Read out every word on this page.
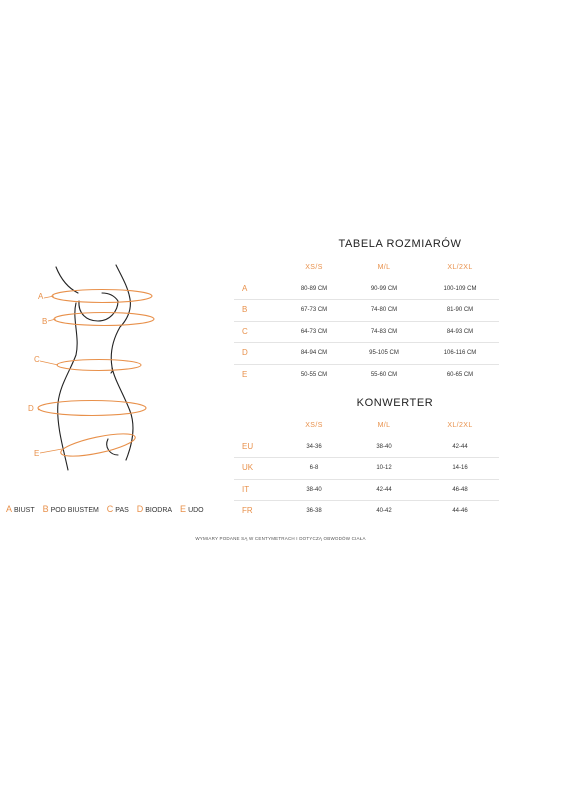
A
B
C
D
E
A BIUST B POD BIUSTEM C PAS D BIODRA E UDO
WYMIARY PODANE SĄ W CENTYMETRACH I DOTYCZĄ OBWODÓW CIAŁA
TABELA ROZMIARÓW
XS/S	M/L	XL/2XL
A	80-89 CM	90-99 CM	100-109 CM
B	67-73 CM	74-80 CM	81-90 CM
C	64-73 CM	74-83 CM	84-93 CM
D	84-94 CM	95-105 CM	106-116 CM
E	50-55 CM	55-60 CM	60-65 CM
KONWERTER
XS/S	M/L	XL/2XL
EU	34-36	38-40	42-44
UK	6-8	10-12	14-16
IT	38-40	42-44	46-48
FR	36-38	40-42	44-46
